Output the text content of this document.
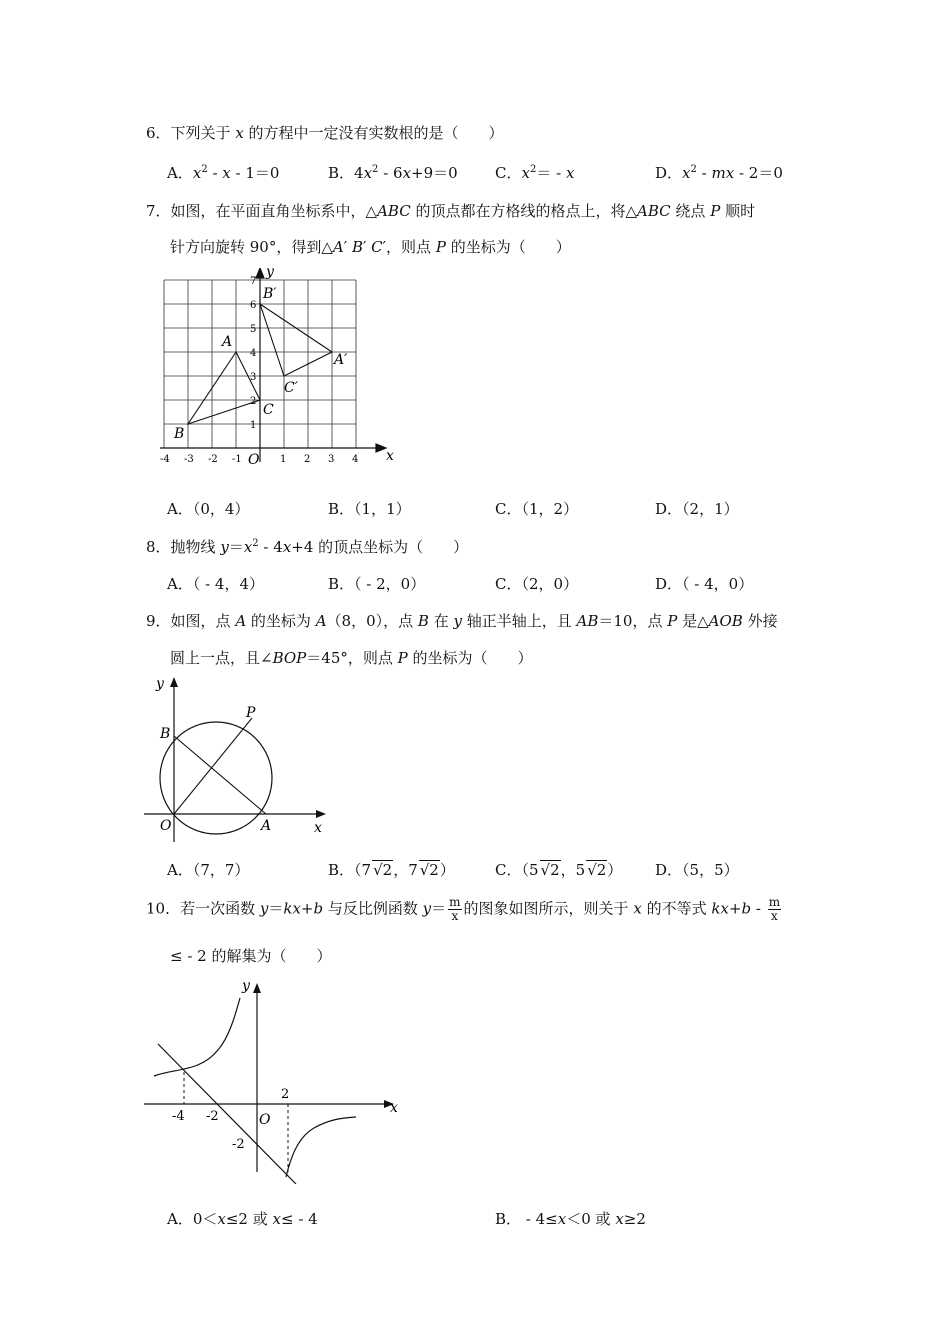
6．下列关于 x 的方程中一定没有实数根的是（　　）
A．$x^2 - x - 1=0$	B．$4x^2 - 6x+9=0$ C．$x^2= - x$	D．$x^2$ - mx - 2＝0
7．如图，在平面直角坐标系中，△ABC 的顶点都在方格线的格点上，将△ABC 绕点 P 顺时
针方向旋转 90°，得到△A′ B′ C′，则点 P 的坐标为（　　）
x
y
O
-4 -3 -2 -1	1 2 3 4
1
2
3
4
5
6
7
A
B
C
A′
B′
C′
A．（0，4）	B．（1，1）	C．（1，2）	D．（2，1）
8．抛物线 $y=x^2 - 4x+4$ 的顶点坐标为（　　）
A．（ - 4，4）	B．（ - 2，0）	C．（2，0）	D．（ - 4，0）
9．如图，点 A 的坐标为 A（8，0），点 B 在 y 轴正半轴上，且 AB＝10，点 P 是△AOB 外接
圆上一点，且∠BOP＝45°，则点 P 的坐标为（　　）
x
y
O	A
B
P
A．（7，7）	B．（7 √2，7 √2）	C．（5 √2，5 √2） D．（5，5）
10．若一次函数 y＝kx+b 与反比例函数 $y= \frac{m}{x}$ 的图象如图所示，则关于 x 的不等式 $kx+b - \frac{m}{x}$
≤ - 2 的解集为（　　）
x
y
O
-4 -2
2
-2
A．0＜x≤2 或 x≤ - 4	B． - 4≤x＜0 或 x≥2
